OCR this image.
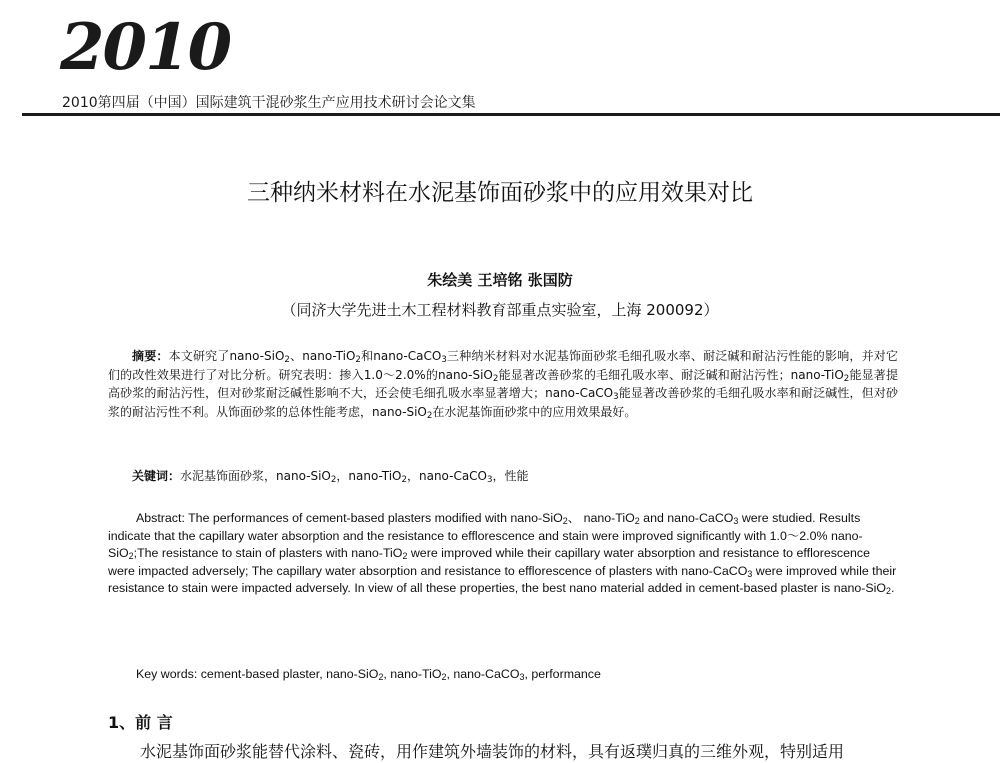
2010
2010第四届（中国）国际建筑干混砂浆生产应用技术研讨会论文集
三种纳米材料在水泥基饰面砂浆中的应用效果对比
朱绘美 王培铭 张国防
（同济大学先进土木工程材料教育部重点实验室，上海 200092）

摘要：本文研究了nano-SiO$_2$、nano-TiO$_2$和nano-CaCO$_3$三种纳米材料对水泥基饰面砂浆毛细孔吸水率、耐泛碱和耐沾污性能的影响，并对它们的改性效果进行了对比分析。研究表明：掺入1.0～2.0%的nano-SiO$_2$能显著改善砂浆的毛细孔吸水率、耐泛碱和耐沾污性；nano-TiO$_2$能显著提高砂浆的耐沾污性，但对砂浆耐泛碱性影响不大，还会使毛细孔吸水率显著增大；nano-CaCO$_3$能显著改善砂浆的毛细孔吸水率和耐泛碱性，但对砂浆的耐沾污性不利。从饰面砂浆的总体性能考虑，nano-SiO$_2$在水泥基饰面砂浆中的应用效果最好。

关键词：水泥基饰面砂浆，nano-SiO$_2$，nano-TiO$_2$，nano-CaCO$_3$，性能

Abstract: The performances of cement-based plasters modified with nano-SiO$_2$、 nano-TiO$_2$ and nano-CaCO$_3$ were studied. Results indicate that the capillary water absorption and the resistance to efflorescence and stain were improved significantly with 1.0～2.0% nano-SiO$_2$;The resistance to stain of plasters with nano-TiO$_2$ were improved while their capillary water absorption and resistance to efflorescence were impacted adversely; The capillary water absorption and resistance to efflorescence of plasters with nano-CaCO$_3$ were improved while their resistance to stain were impacted adversely. In view of all these properties, the best nano material added in cement-based plaster is nano-SiO$_2$.

Key words: cement-based plaster, nano-SiO$_2$, nano-TiO$_2$, nano-CaCO$_3$, performance

1、前 言

水泥基饰面砂浆能替代涂料、瓷砖，用作建筑外墙装饰的材料，具有返璞归真的三维外观，特别适用
